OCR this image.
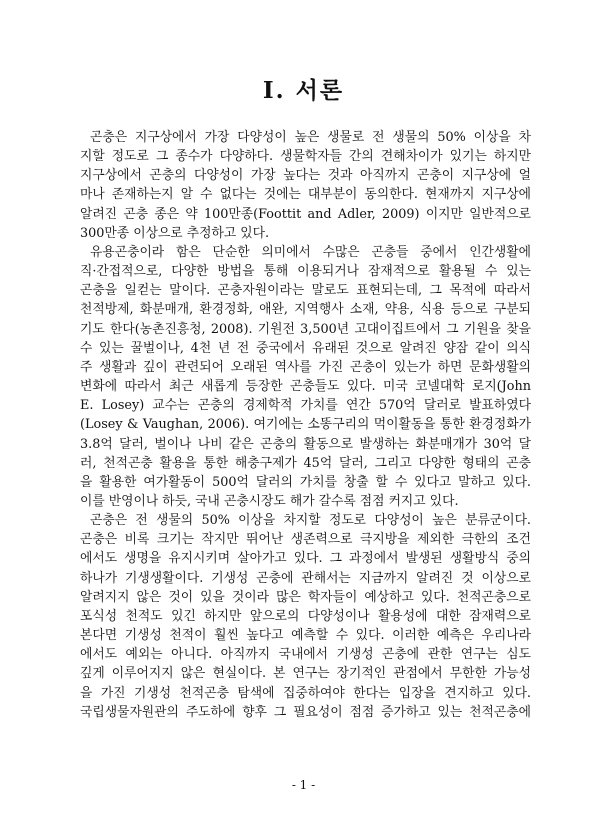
Ⅰ. 서론
곤충은 지구상에서 가장 다양성이 높은 생물로 전 생물의 50% 이상을 차
지할 정도로 그 종수가 다양하다. 생물학자들 간의 견해차이가 있기는 하지만
지구상에서 곤충의 다양성이 가장 높다는 것과 아직까지 곤충이 지구상에 얼
마나 존재하는지 알 수 없다는 것에는 대부분이 동의한다. 현재까지 지구상에
알려진 곤충 종은 약 100만종(Foottit and Adler, 2009) 이지만 일반적으로
300만종 이상으로 추정하고 있다.
유용곤충이라 함은 단순한 의미에서 수많은 곤충들 중에서 인간생활에
직·간접적으로, 다양한 방법을 통해 이용되거나 잠재적으로 활용될 수 있는
곤충을 일컫는 말이다. 곤충자원이라는 말로도 표현되는데, 그 목적에 따라서
천적방제, 화분매개, 환경정화, 애완, 지역행사 소재, 약용, 식용 등으로 구분되
기도 한다(농촌진흥청, 2008). 기원전 3,500년 고대이집트에서 그 기원을 찾을
수 있는 꿀벌이나, 4천 년 전 중국에서 유래된 것으로 알려진 양잠 같이 의식
주 생활과 깊이 관련되어 오래된 역사를 가진 곤충이 있는가 하면 문화생활의
변화에 따라서 최근 새롭게 등장한 곤충들도 있다. 미국 코넬대학 로지(John
E. Losey) 교수는 곤충의 경제학적 가치를 연간 570억 달러로 발표하였다
(Losey & Vaughan, 2006). 여기에는 소똥구리의 먹이활동을 통한 환경정화가
3.8억 달러, 벌이나 나비 같은 곤충의 활동으로 발생하는 화분매개가 30억 달
러, 천적곤충 활용을 통한 해충구제가 45억 달러, 그리고 다양한 형태의 곤충
을 활용한 여가활동이 500억 달러의 가치를 창출 할 수 있다고 말하고 있다.
이를 반영이나 하듯, 국내 곤충시장도 해가 갈수록 점점 커지고 있다.
곤충은 전 생물의 50% 이상을 차지할 정도로 다양성이 높은 분류군이다.
곤충은 비록 크기는 작지만 뛰어난 생존력으로 극지방을 제외한 극한의 조건
에서도 생명을 유지시키며 살아가고 있다. 그 과정에서 발생된 생활방식 중의
하나가 기생생활이다. 기생성 곤충에 관해서는 지금까지 알려진 것 이상으로
알려지지 않은 것이 있을 것이라 많은 학자들이 예상하고 있다. 천적곤충으로
포식성 천적도 있긴 하지만 앞으로의 다양성이나 활용성에 대한 잠재력으로
본다면 기생성 천적이 훨씬 높다고 예측할 수 있다. 이러한 예측은 우리나라
에서도 예외는 아니다. 아직까지 국내에서 기생성 곤충에 관한 연구는 심도
깊게 이루어지지 않은 현실이다. 본 연구는 장기적인 관점에서 무한한 가능성
을 가진 기생성 천적곤충 탐색에 집중하여야 한다는 입장을 견지하고 있다.
국립생물자원관의 주도하에 향후 그 필요성이 점점 증가하고 있는 천적곤충에
- 1 -
